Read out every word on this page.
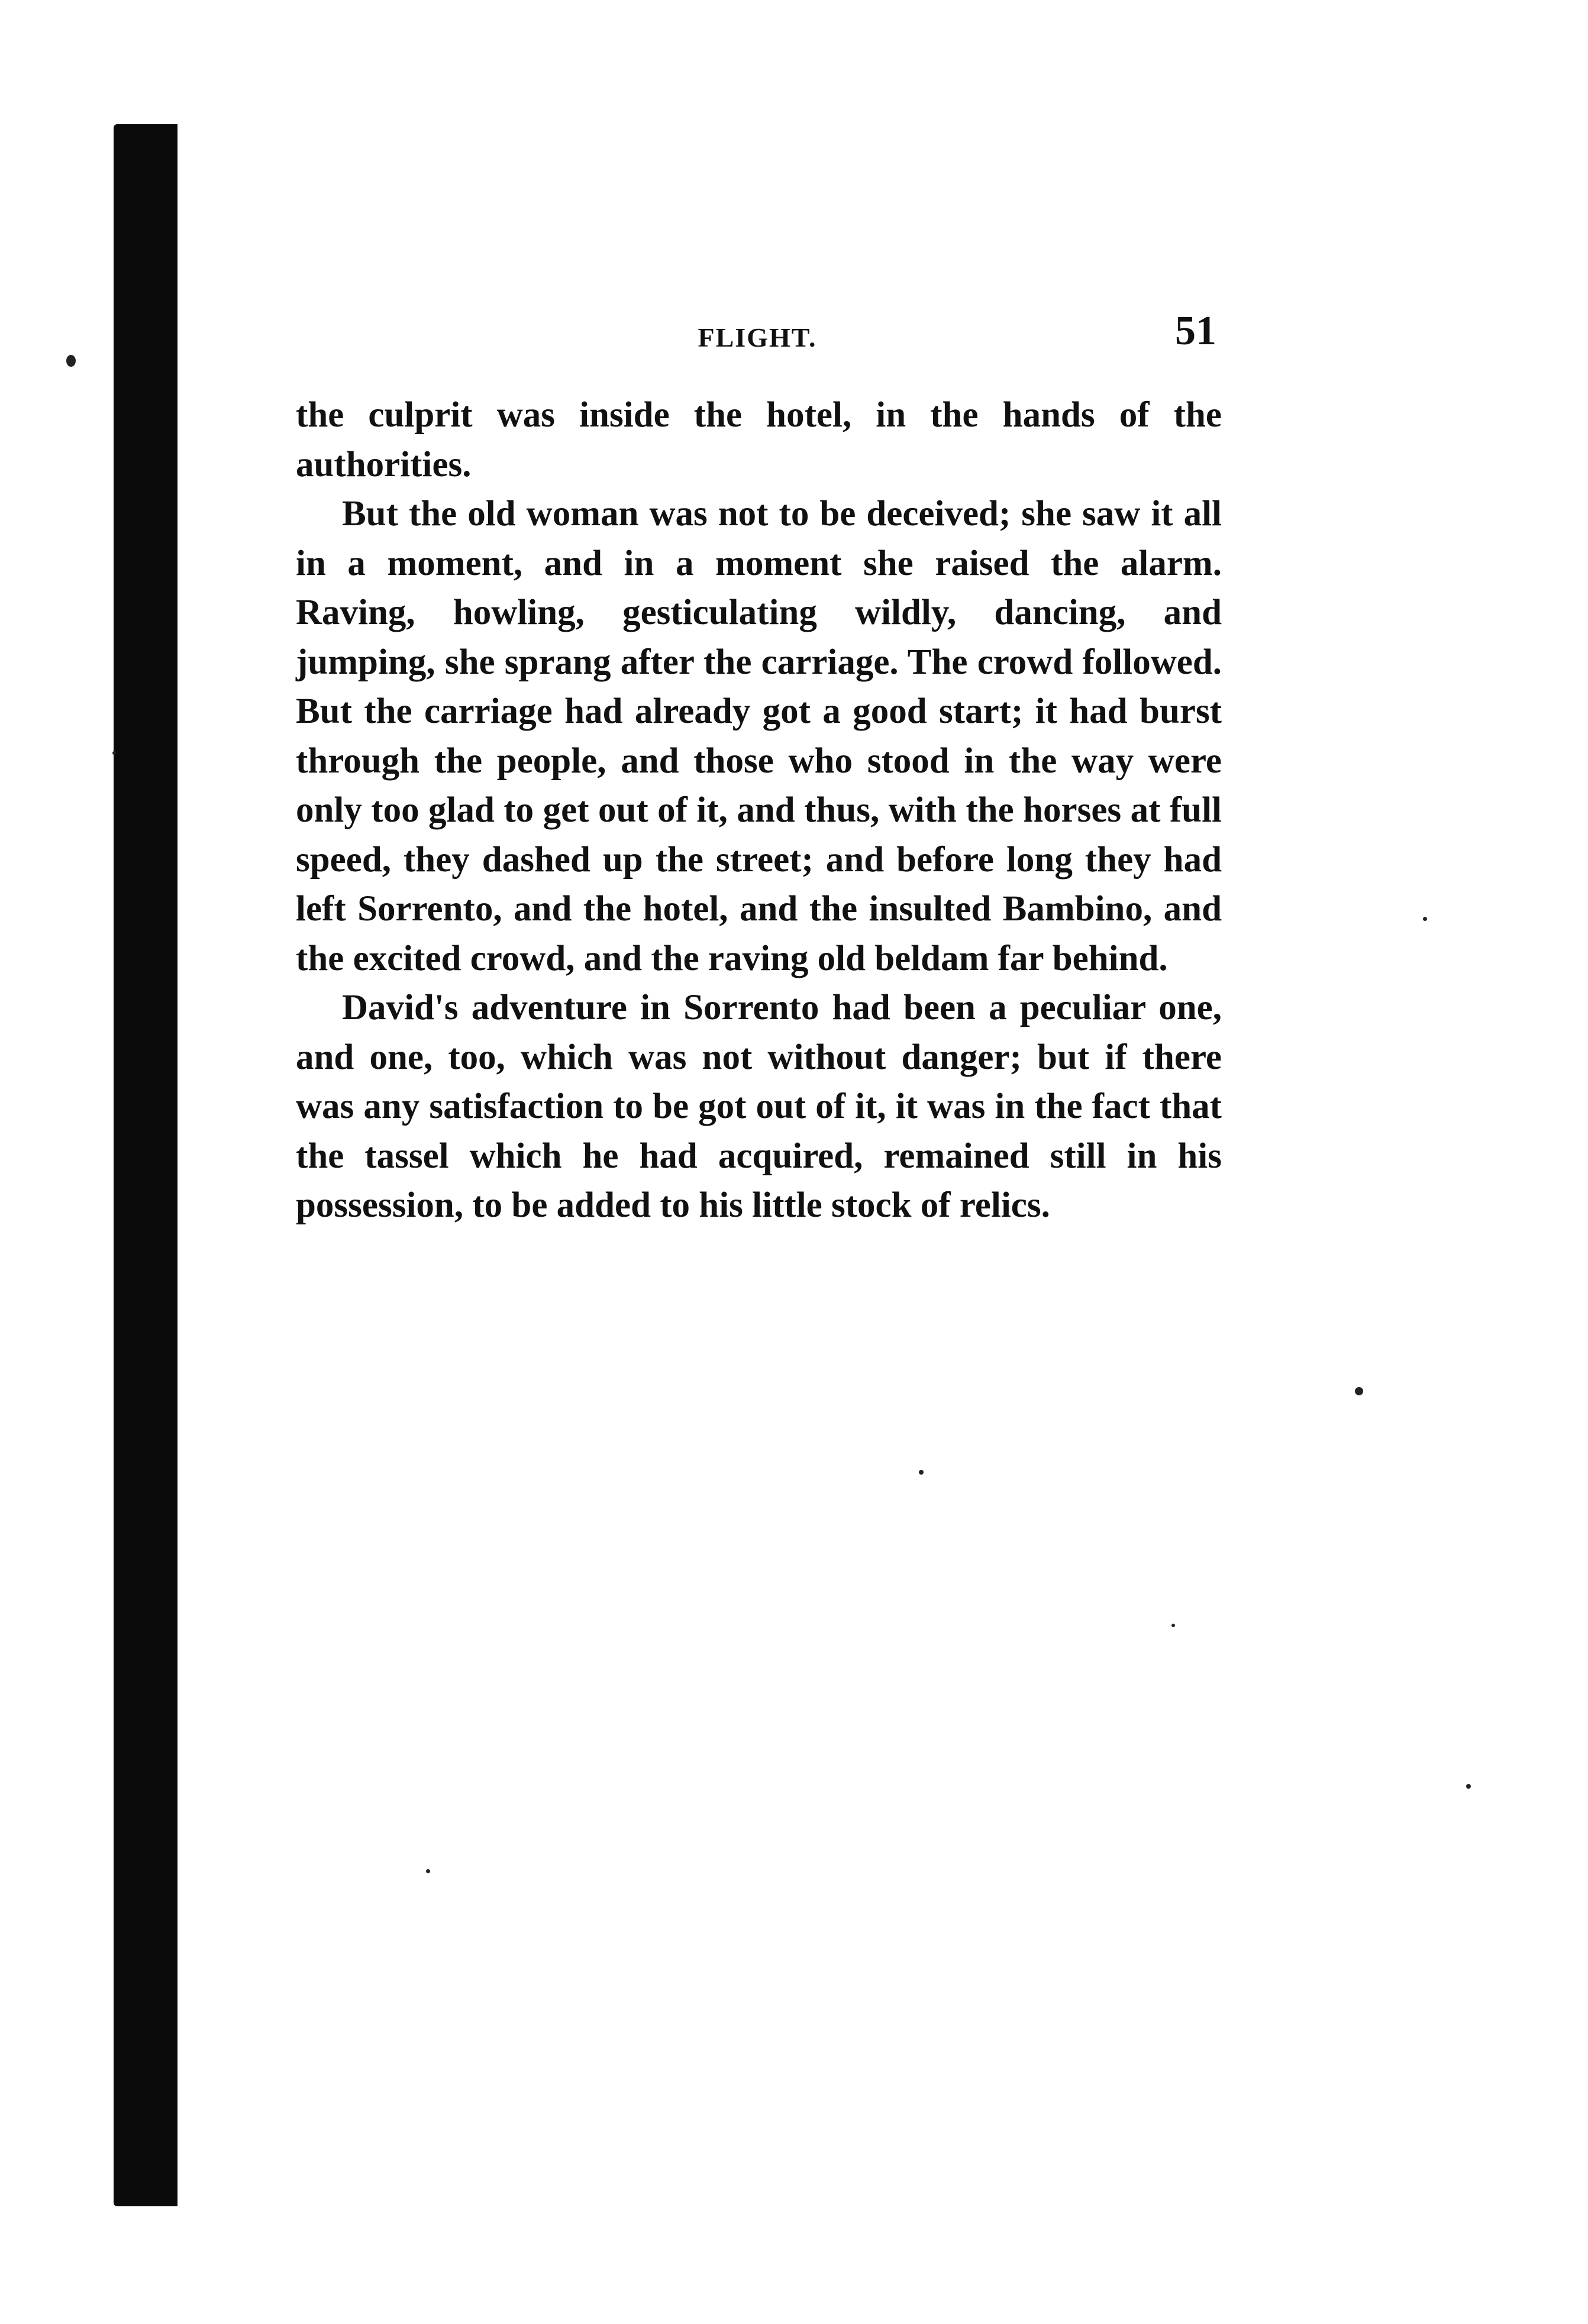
FLIGHT.	51

the culprit was inside the hotel, in the hands of the authorities.

But the old woman was not to be deceived; she saw it all in a moment, and in a moment she raised the alarm. Raving, howling, gesticulating wildly, dancing, and jumping, she sprang after the carriage. The crowd followed. But the carriage had already got a good start; it had burst through the people, and those who stood in the way were only too glad to get out of it, and thus, with the horses at full speed, they dashed up the street; and before long they had left Sorrento, and the hotel, and the insulted Bambino, and the excited crowd, and the raving old beldam far behind.

David's adventure in Sorrento had been a peculiar one, and one, too, which was not without danger; but if there was any satisfaction to be got out of it, it was in the fact that the tassel which he had acquired, remained still in his possession, to be added to his little stock of relics.
